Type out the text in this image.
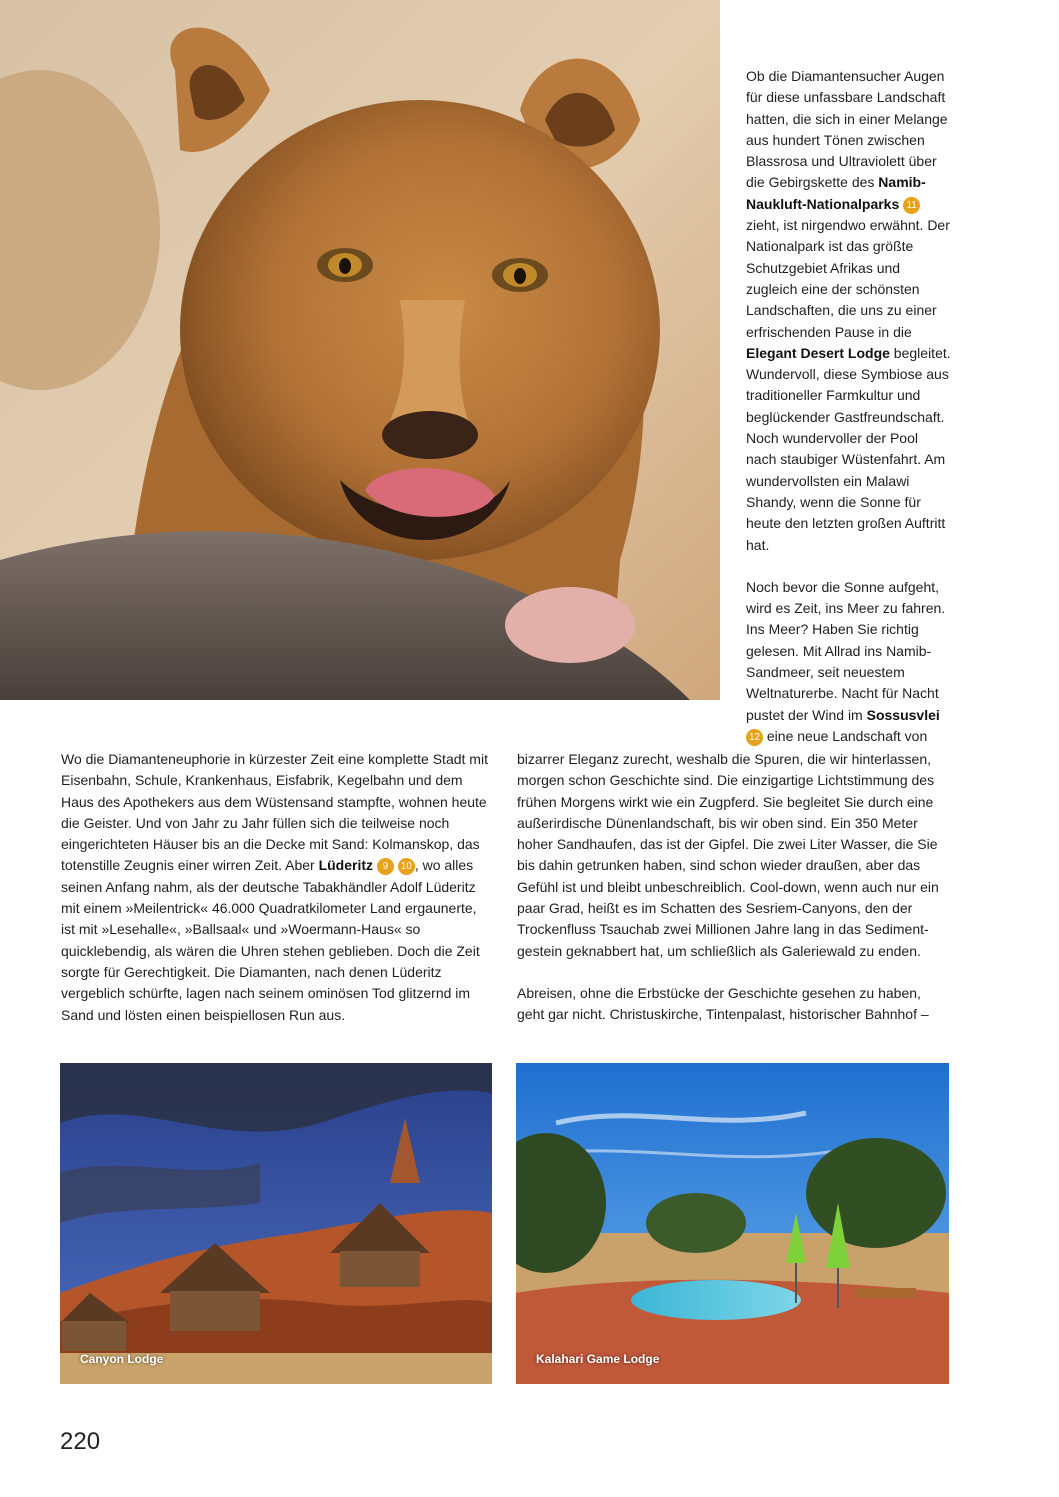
Ob die Diamantensucher Augen für diese unfassbare Landschaft hatten, die sich in einer Melange aus hundert Tönen zwischen Blassrosa und Ultraviolett über die Gebirgskette des Namib-Naukluft-Nationalparks 11 zieht, ist nirgendwo erwähnt. Der Nationalpark ist das größte Schutzgebiet Afrikas und zugleich eine der schönsten Landschaften, die uns zu einer erfrischenden Pause in die Elegant Desert Lodge begleitet. Wundervoll, diese Symbiose aus traditioneller Farmkultur und beglückender Gastfreundschaft. Noch wundervoller der Pool nach staubiger Wüstenfahrt. Am wundervollsten ein Malawi Shandy, wenn die Sonne für heute den letzten großen Auftritt hat.

Noch bevor die Sonne aufgeht, wird es Zeit, ins Meer zu fahren. Ins Meer? Haben Sie richtig gelesen. Mit Allrad ins Namib-Sandmeer, seit neuestem Weltnaturerbe. Nacht für Nacht pustet der Wind im Sossusvlei 12 eine neue Landschaft von

Wo die Diamanteneuphorie in kürzester Zeit eine komplette Stadt mit Eisenbahn, Schule, Krankenhaus, Eisfabrik, Kegelbahn und dem Haus des Apothekers aus dem Wüstensand stampfte, wohnen heute die Geister. Und von Jahr zu Jahr füllen sich die teilweise noch eingerichteten Häuser bis an die Decke mit Sand: Kolmanskop, das totenstille Zeugnis einer wirren Zeit. Aber Lüderitz 9 10 , wo alles seinen Anfang nahm, als der deutsche Tabakhändler Adolf Lüderitz mit einem »Meilentrick« 46.000 Quadratkilometer Land ergaunerte, ist mit »Lesehalle«, »Ballsaal« und »Woermann-Haus« so quicklebendig, als wären die Uhren stehen geblieben. Doch die Zeit sorgte für Gerechtigkeit. Die Diamanten, nach denen Lüderitz vergeblich schürfte, lagen nach seinem ominösen Tod glitzernd im Sand und lösten einen beispiellosen Run aus.

bizarrer Eleganz zurecht, weshalb die Spuren, die wir hinterlassen, morgen schon Geschichte sind. Die einzigartige Lichtstimmung des frühen Morgens wirkt wie ein Zugpferd. Sie begleitet Sie durch eine außerirdische Dünenlandschaft, bis wir oben sind. Ein 350 Meter hoher Sandhaufen, das ist der Gipfel. Die zwei Liter Wasser, die Sie bis dahin getrunken haben, sind schon wieder draußen, aber das Gefühl ist und bleibt unbeschreiblich. Cool-down, wenn auch nur ein paar Grad, heißt es im Schatten des Sesriem-Canyons, den der Trockenfluss Tsauchab zwei Millionen Jahre lang in das Sedimentgestein geknabbert hat, um schließlich als Galeriewald zu enden.

Abreisen, ohne die Erbstücke der Geschichte gesehen zu haben, geht gar nicht. Christuskirche, Tintenpalast, historischer Bahnhof –

Canyon Lodge	Kalahari Game Lodge
220
